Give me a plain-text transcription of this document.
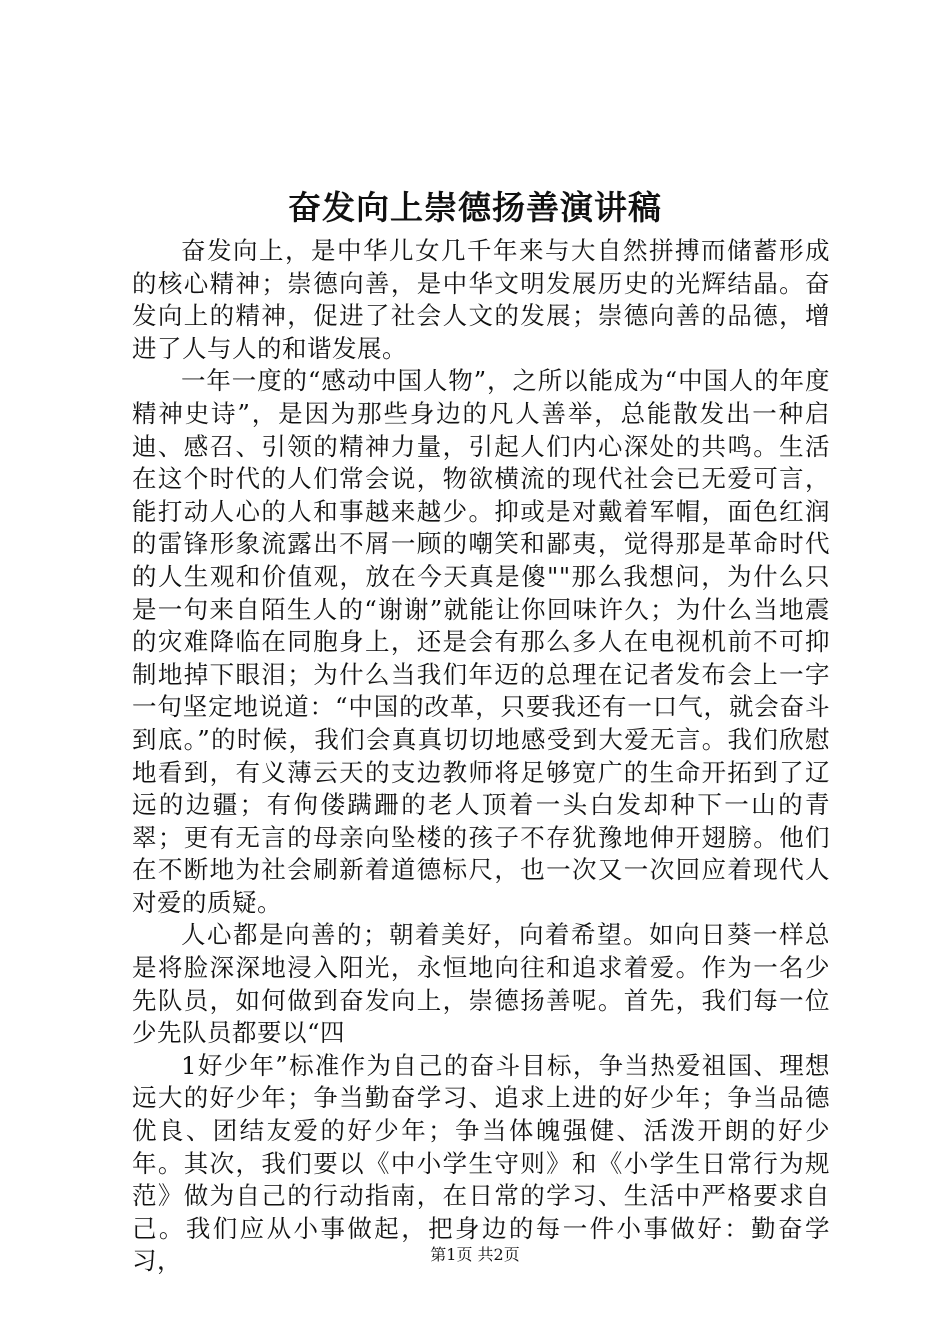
奋发向上崇德扬善演讲稿

奋发向上，是中华儿女几千年来与大自然拼搏而储蓄形成的核心精神；崇德向善，是中华文明发展历史的光辉结晶。奋发向上的精神，促进了社会人文的发展；崇德向善的品德，增进了人与人的和谐发展。

一年一度的“感动中国人物”，之所以能成为“中国人的年度精神史诗”，是因为那些身边的凡人善举，总能散发出一种启迪、感召、引领的精神力量，引起人们内心深处的共鸣。生活在这个时代的人们常会说，物欲横流的现代社会已无爱可言，能打动人心的人和事越来越少。抑或是对戴着军帽，面色红润的雷锋形象流露出不屑一顾的嘲笑和鄙夷，觉得那是革命时代的人生观和价值观，放在今天真是傻""那么我想问，为什么只是一句来自陌生人的“谢谢”就能让你回味许久；为什么当地震的灾难降临在同胞身上，还是会有那么多人在电视机前不可抑制地掉下眼泪；为什么当我们年迈的总理在记者发布会上一字一句坚定地说道：“中国的改革，只要我还有一口气，就会奋斗到底。”的时候，我们会真真切切地感受到大爱无言。我们欣慰地看到，有义薄云天的支边教师将足够宽广的生命开拓到了辽远的边疆；有佝偻蹒跚的老人顶着一头白发却种下一山的青翠；更有无言的母亲向坠楼的孩子不存犹豫地伸开翅膀。他们在不断地为社会刷新着道德标尺，也一次又一次回应着现代人对爱的质疑。

人心都是向善的；朝着美好，向着希望。如向日葵一样总是将脸深深地浸入阳光，永恒地向往和追求着爱。作为一名少先队员，如何做到奋发向上，崇德扬善呢。首先，我们每一位少先队员都要以“四

1好少年”标准作为自己的奋斗目标，争当热爱祖国、理想远大的好少年；争当勤奋学习、追求上进的好少年；争当品德优良、团结友爱的好少年；争当体魄强健、活泼开朗的好少年。其次，我们要以《中小学生守则》和《小学生日常行为规范》做为自己的行动指南，在日常的学习、生活中严格要求自己。我们应从小事做起，把身边的每一件小事做好：勤奋学习，	第1页 共2页
